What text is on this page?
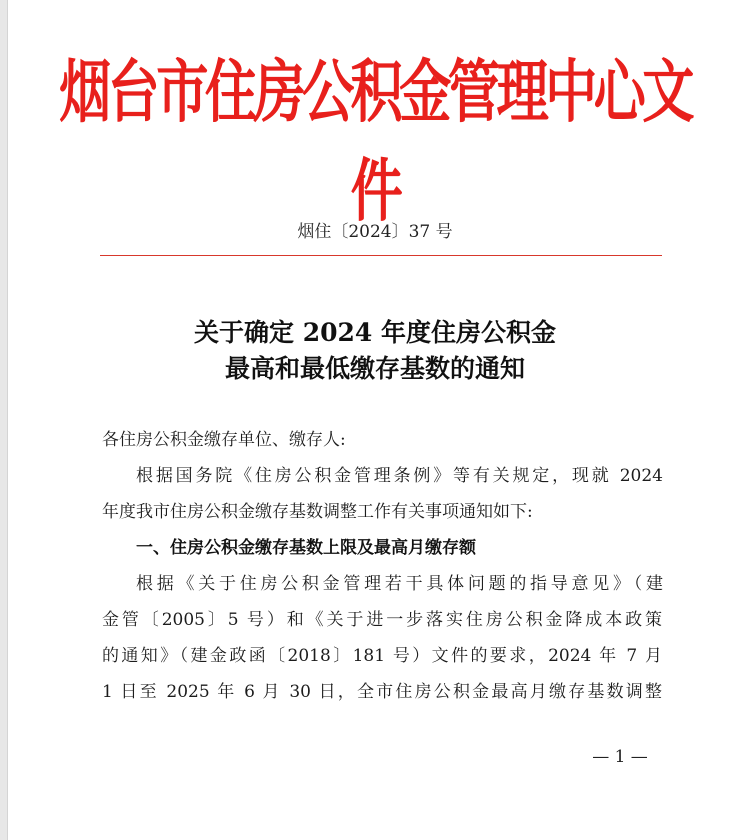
烟台市住房公积金管理中心文件
烟住〔2024〕37 号
关于确定 2024 年度住房公积金
最高和最低缴存基数的通知
各住房公积金缴存单位、缴存人:
根据国务院《住房公积金管理条例》等有关规定，现就 2024
年度我市住房公积金缴存基数调整工作有关事项通知如下:
一、住房公积金缴存基数上限及最高月缴存额
根据《关于住房公积金管理若干具体问题的指导意见》（建
金管〔2005〕5 号）和《关于进一步落实住房公积金降成本政策
的通知》（建金政函〔2018〕181 号）文件的要求，2024 年 7 月
1 日至 2025 年 6 月 30 日，全市住房公积金最高月缴存基数调整
— 1 —
